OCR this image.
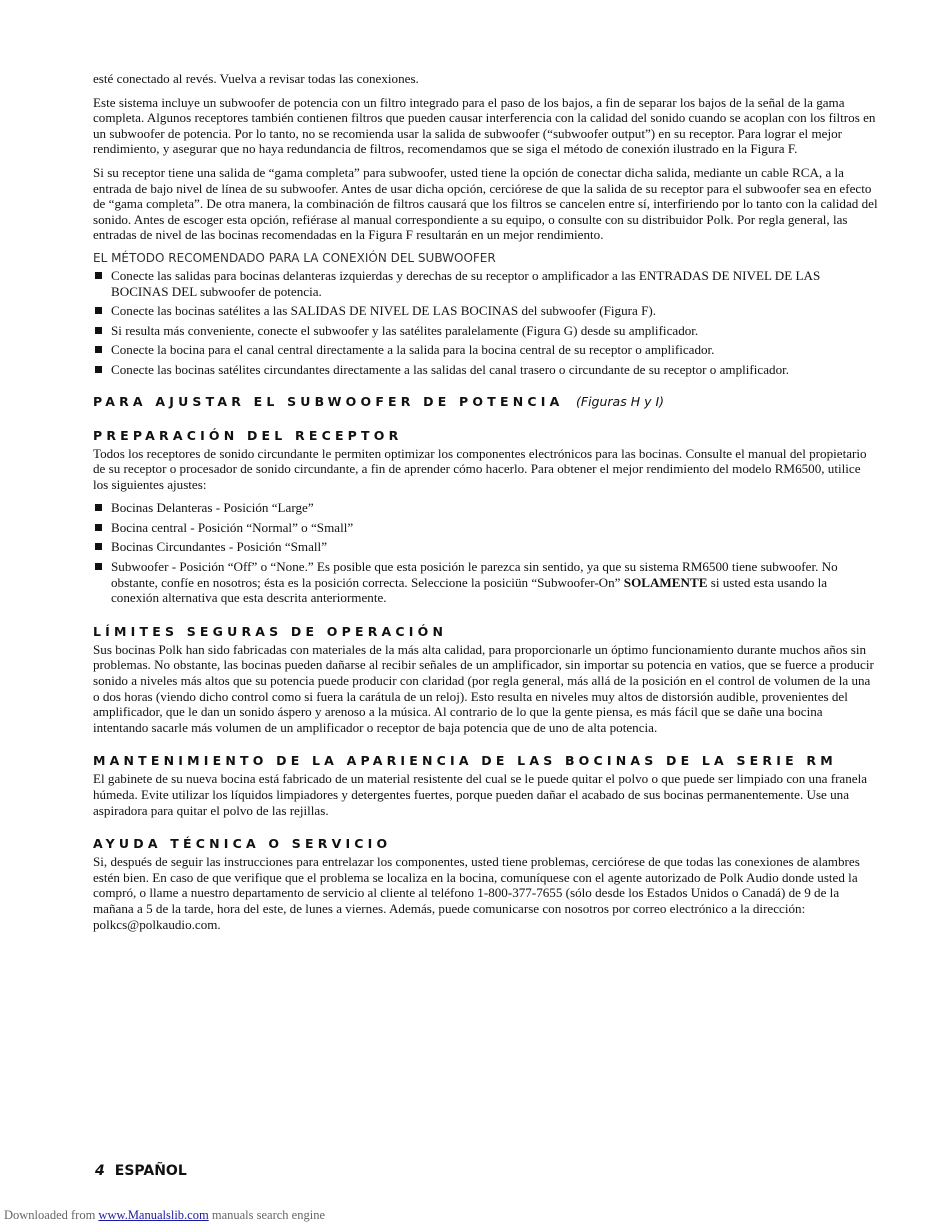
esté conectado al revés. Vuelva a revisar todas las conexiones.

Este sistema incluye un subwoofer de potencia con un filtro integrado para el paso de los bajos, a fin de separar los bajos de la señal de la gama completa. Algunos receptores también contienen filtros que pueden causar interferencia con la calidad del sonido cuando se acoplan con los filtros en un subwoofer de potencia. Por lo tanto, no se recomienda usar la salida de subwoofer (“subwoofer output”) en su receptor. Para lograr el mejor rendimiento, y asegurar que no haya redundancia de filtros, recomendamos que se siga el método de conexión ilustrado en la Figura F.

Si su receptor tiene una salida de “gama completa” para subwoofer, usted tiene la opción de conectar dicha salida, mediante un cable RCA, a la entrada de bajo nivel de línea de su subwoofer. Antes de usar dicha opción, cerciórese de que la salida de su receptor para el subwoofer sea en efecto de “gama completa”. De otra manera, la combinación de filtros causará que los filtros se cancelen entre sí, interfiriendo por lo tanto con la calidad del sonido. Antes de escoger esta opción, refiérase al manual correspondiente a su equipo, o consulte con su distribuidor Polk. Por regla general, las entradas de nivel de las bocinas recomendadas en la Figura F resultarán en un mejor rendimiento.

EL MÉTODO RECOMENDADO PARA LA CONEXIÓN DEL SUBWOOFER
Conecte las salidas para bocinas delanteras izquierdas y derechas de su receptor o amplificador a las ENTRADAS DE NIVEL DE LAS BOCINAS DEL subwoofer de potencia.
Conecte las bocinas satélites a las SALIDAS DE NIVEL DE LAS BOCINAS del subwoofer (Figura F).
Si resulta más conveniente, conecte el subwoofer y las satélites paralelamente (Figura G) desde su amplificador.
Conecte la bocina para el canal central directamente a la salida para la bocina central de su receptor o amplificador.
Conecte las bocinas satélites circundantes directamente a las salidas del canal trasero o circundante de su receptor o amplificador.
PARA AJUSTAR EL SUBWOOFER DE POTENCIA (Figuras H y I)
PREPARACIÓN DEL RECEPTOR

Todos los receptores de sonido circundante le permiten optimizar los componentes electrónicos para las bocinas. Consulte el manual del propietario de su receptor o procesador de sonido circundante, a fin de aprender cómo hacerlo. Para obtener el mejor rendimiento del modelo RM6500, utilice los siguientes ajustes:

Bocinas Delanteras - Posición “Large”
Bocina central - Posición “Normal” o “Small”
Bocinas Circundantes - Posición “Small”
Subwoofer - Posición “Off” o “None.” Es posible que esta posición le parezca sin sentido, ya que su sistema RM6500 tiene subwoofer. No obstante, confíe en nosotros; ésta es la posición correcta. Seleccione la posiciün “Subwoofer-On” SOLAMENTE si usted esta usando la conexión alternativa que esta descrita anteriormente.
LÍMITES SEGURAS DE OPERACIÓN

Sus bocinas Polk han sido fabricadas con materiales de la más alta calidad, para proporcionarle un óptimo funcionamiento durante muchos años sin problemas. No obstante, las bocinas pueden dañarse al recibir señales de un amplificador, sin importar su potencia en vatios, que se fuerce a producir sonido a niveles más altos que su potencia puede producir con claridad (por regla general, más allá de la posición en el control de volumen de la una o dos horas (viendo dicho control como si fuera la carátula de un reloj). Esto resulta en niveles muy altos de distorsión audible, provenientes del amplificador, que le dan un sonido áspero y arenoso a la música. Al contrario de lo que la gente piensa, es más fácil que se dañe una bocina intentando sacarle más volumen de un amplificador o receptor de baja potencia que de uno de alta potencia.

MANTENIMIENTO DE LA APARIENCIA DE LAS BOCINAS DE LA SERIE RM

El gabinete de su nueva bocina está fabricado de un material resistente del cual se le puede quitar el polvo o que puede ser limpiado con una franela húmeda. Evite utilizar los líquidos limpiadores y detergentes fuertes, porque pueden dañar el acabado de sus bocinas permanentemente. Use una aspiradora para quitar el polvo de las rejillas.

AYUDA TÉCNICA O SERVICIO

Si, después de seguir las instrucciones para entrelazar los componentes, usted tiene problemas, cerciórese de que todas las conexiones de alambres estén bien. En caso de que verifique que el problema se localiza en la bocina, comuníquese con el agente autorizado de Polk Audio donde usted la compró, o llame a nuestro departamento de servicio al cliente al teléfono 1-800-377-7655 (sólo desde los Estados Unidos o Canadá) de 9 de la mañana a 5 de la tarde, hora del este, de lunes a viernes. Además, puede comunicarse con nosotros por correo electrónico a la dirección: polkcs@polkaudio.com.

4 ESPAÑOL
Downloaded from www.Manualslib.com manuals search engine
